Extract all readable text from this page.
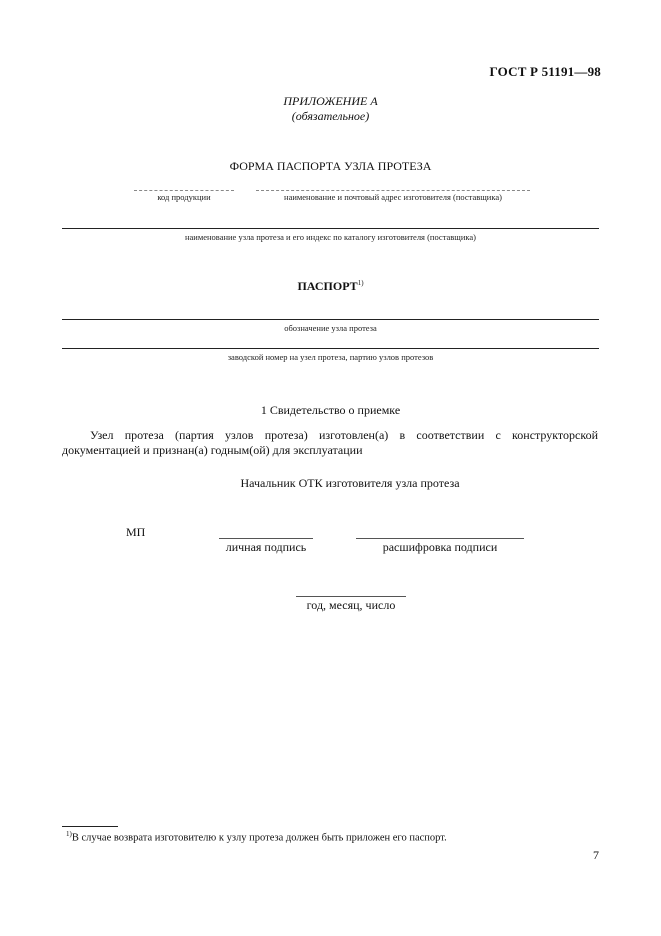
ГОСТ Р 51191—98
ПРИЛОЖЕНИЕ А
(обязательное)
ФОРМА ПАСПОРТА УЗЛА ПРОТЕЗА
код продукции	наименование и почтовый адрес изготовителя (поставщика)
наименование узла протеза и его индекс по каталогу изготовителя (поставщика)
ПАСПОРТ$^{1)}$
обозначение узла протеза
заводской номер на узел протеза, партию узлов протезов
1 Свидетельство о приемке
Узел протеза (партия узлов протеза) изготовлен(а) в соответствии с конструкторской документацией и признан(а) годным(ой) для эксплуатации
Начальник ОТК изготовителя узла протеза
МП
личная подпись	расшифровка подписи
год, месяц, число
$^{1)}$В случае возврата изготовителю к узлу протеза должен быть приложен его паспорт.
7
